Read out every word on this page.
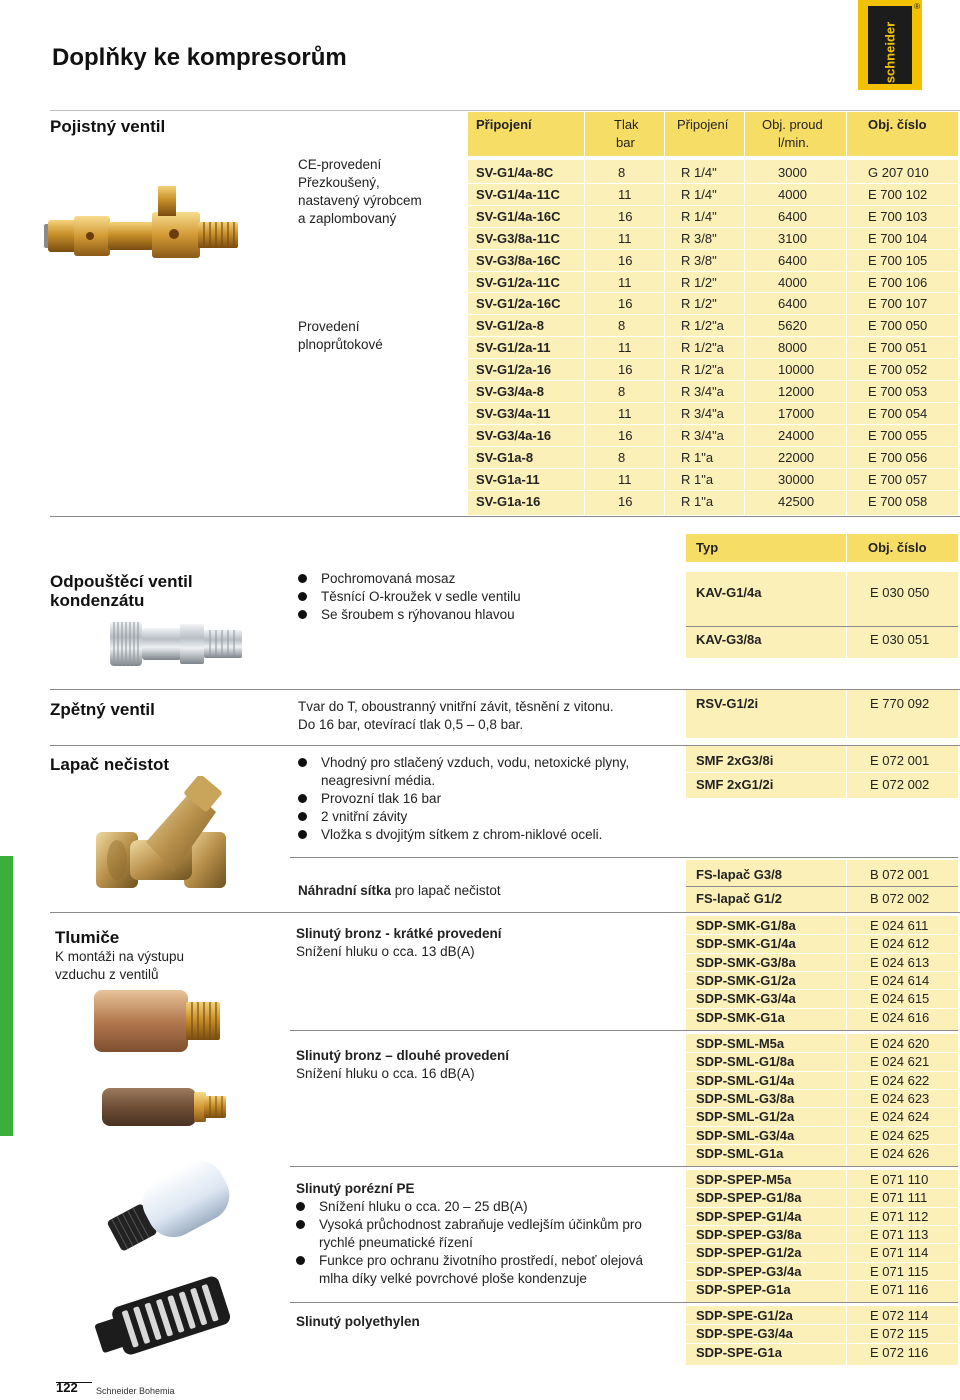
Doplňky ke kompresorům	schneider
®
Pojistný ventil
CE-provedení
Přezkoušený,
nastavený výrobcem
a zaplombovaný
Provedení
plnoprůtokové
Připojení	Tlak
bar
Připojení	Obj. proud
l/min.
Obj. číslo
SV-G1/4a-8C	8	R 1/4"	3000	G 207 010
SV-G1/4a-11C	11	R 1/4"	4000	E 700 102
SV-G1/4a-16C	16	R 1/4"	6400	E 700 103
SV-G3/8a-11C	11	R 3/8"	3100	E 700 104
SV-G3/8a-16C	16	R 3/8"	6400	E 700 105
SV-G1/2a-11C	11	R 1/2"	4000	E 700 106
SV-G1/2a-16C	16	R 1/2"	6400	E 700 107
SV-G1/2a-8	8	R 1/2"a	5620	E 700 050
SV-G1/2a-11	11	R 1/2"a	8000	E 700 051
SV-G1/2a-16	16	R 1/2"a	10000	E 700 052
SV-G3/4a-8	8	R 3/4"a	12000	E 700 053
SV-G3/4a-11	11	R 3/4"a	17000	E 700 054
SV-G3/4a-16	16	R 3/4"a	24000	E 700 055
SV-G1a-8	8	R 1"a	22000	E 700 056
SV-G1a-11	11	R 1"a	30000	E 700 057
SV-G1a-16	16	R 1"a	42500	E 700 058
Odpouštěcí ventil
kondenzátu
Pochromovaná mosaz
Těsnící O-kroužek v sedle ventilu
Se šroubem s rýhovanou hlavou
Typ	Obj. číslo
KAV-G1/4a	E 030 050
KAV-G3/8a	E 030 051
Zpětný ventil	Tvar do T, oboustranný vnitřní závit, těsnění z vitonu.
Do 16 bar, otevírací tlak 0,5 – 0,8 bar.
RSV-G1/2i	E 770 092
Lapač nečistot	Vhodný pro stlačený vzduch, vodu, netoxické plyny, neagresivní média.
Provozní tlak 16 bar
2 vnitřní závity
Vložka s dvojitým sítkem z chrom-niklové oceli.
SMF 2xG3/8i	E 072 001
SMF 2xG1/2i	E 072 002
Náhradní sítka pro lapač nečistot
FS-lapač G3/8	B 072 001
FS-lapač G1/2	B 072 002
Tlumiče
K montáži na výstupu
vzduchu z ventilů
Slinutý bronz - krátké provedení
Snížení hluku o cca. 13 dB(A)
SDP-SMK-G1/8a	E 024 611
SDP-SMK-G1/4a	E 024 612
SDP-SMK-G3/8a	E 024 613
SDP-SMK-G1/2a	E 024 614
SDP-SMK-G3/4a	E 024 615
SDP-SMK-G1a	E 024 616
Slinutý bronz – dlouhé provedení
Snížení hluku o cca. 16 dB(A)
SDP-SML-M5a	E 024 620
SDP-SML-G1/8a	E 024 621
SDP-SML-G1/4a	E 024 622
SDP-SML-G3/8a	E 024 623
SDP-SML-G1/2a	E 024 624
SDP-SML-G3/4a	E 024 625
SDP-SML-G1a	E 024 626
Slinutý porézní PE
Snížení hluku o cca. 20 – 25 dB(A)
Vysoká průchodnost zabraňuje vedlejším účinkům pro rychlé pneumatické řízení
Funkce pro ochranu životního prostředí, neboť olejová mlha díky velké povrchové ploše kondenzuje
SDP-SPEP-M5a	E 071 110
SDP-SPEP-G1/8a	E 071 111
SDP-SPEP-G1/4a	E 071 112
SDP-SPEP-G3/8a	E 071 113
SDP-SPEP-G1/2a	E 071 114
SDP-SPEP-G3/4a	E 071 115
SDP-SPEP-G1a	E 071 116
Slinutý polyethylen	SDP-SPE-G1/2a	E 072 114
SDP-SPE-G3/4a	E 072 115
SDP-SPE-G1a	E 072 116
122 Schneider Bohemia
